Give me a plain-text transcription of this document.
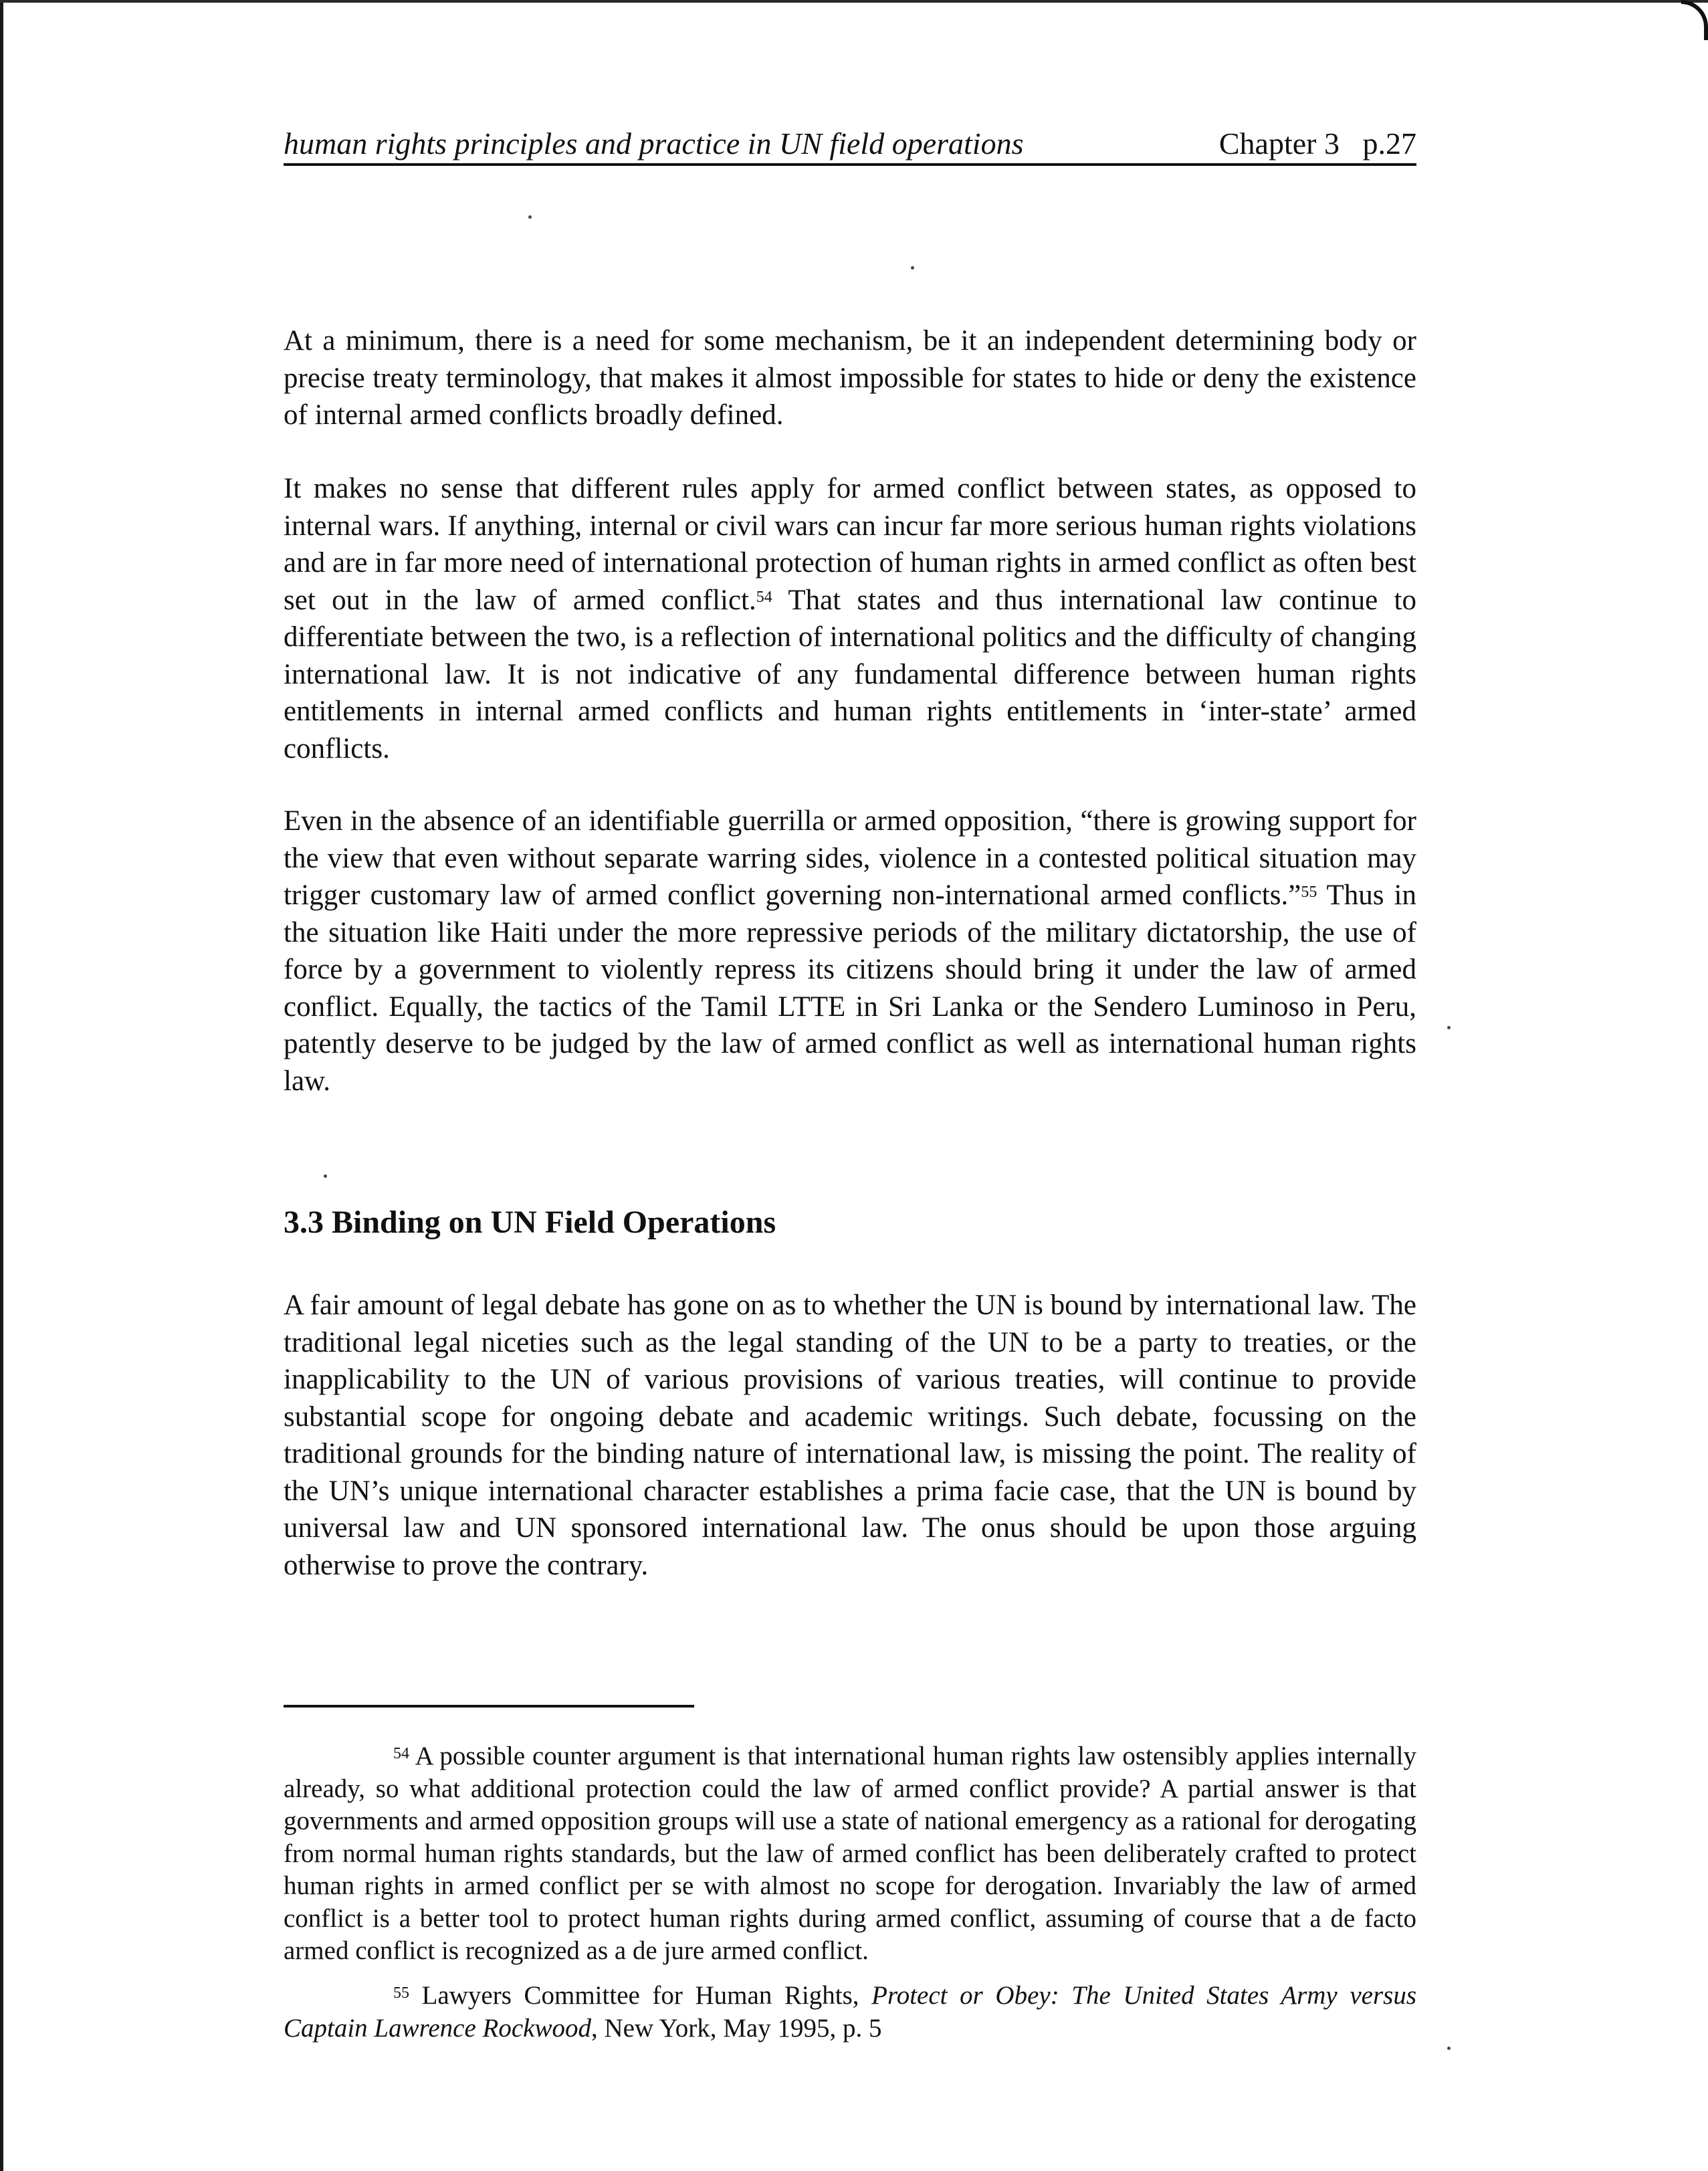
human rights principles and practice in UN field operations	Chapter 3   p.27

At a minimum, there is a need for some mechanism, be it an independent determining body or precise treaty terminology, that makes it almost impossible for states to hide or deny the existence of internal armed conflicts broadly defined.

It makes no sense that different rules apply for armed conflict between states, as opposed to internal wars. If anything, internal or civil wars can incur far more serious human rights violations and are in far more need of international protection of human rights in armed conflict as often best set out in the law of armed conflict.$^{54}$ That states and thus international law continue to differentiate between the two, is a reflection of international politics and the difficulty of changing international law. It is not indicative of any fundamental difference between human rights entitlements in internal armed conflicts and human rights entitlements in ‘inter-state’ armed conflicts.

Even in the absence of an identifiable guerrilla or armed opposition, “there is growing support for the view that even without separate warring sides, violence in a contested political situation may trigger customary law of armed conflict governing non-international armed conflicts.”$^{55}$ Thus in the situation like Haiti under the more repressive periods of the military dictatorship, the use of force by a government to violently repress its citizens should bring it under the law of armed conflict. Equally, the tactics of the Tamil LTTE in Sri Lanka or the Sendero Luminoso in Peru, patently deserve to be judged by the law of armed conflict as well as international human rights law.

3.3 Binding on UN Field Operations

A fair amount of legal debate has gone on as to whether the UN is bound by international law. The traditional legal niceties such as the legal standing of the UN to be a party to treaties, or the inapplicability to the UN of various provisions of various treaties, will continue to provide substantial scope for ongoing debate and academic writings. Such debate, focussing on the traditional grounds for the binding nature of international law, is missing the point. The reality of the UN’s unique international character establishes a prima facie case, that the UN is bound by universal law and UN sponsored international law. The onus should be upon those arguing otherwise to prove the contrary.

$^{54}$ A possible counter argument is that international human rights law ostensibly applies internally already, so what additional protection could the law of armed conflict provide? A partial answer is that governments and armed opposition groups will use a state of national emergency as a rational for derogating from normal human rights standards, but the law of armed conflict has been deliberately crafted to protect human rights in armed conflict per se with almost no scope for derogation. Invariably the law of armed conflict is a better tool to protect human rights during armed conflict, assuming of course that a de facto armed conflict is recognized as a de jure armed conflict.

$^{55}$ Lawyers Committee for Human Rights, Protect or Obey: The United States Army versus Captain Lawrence Rockwood, New York, May 1995, p. 5
